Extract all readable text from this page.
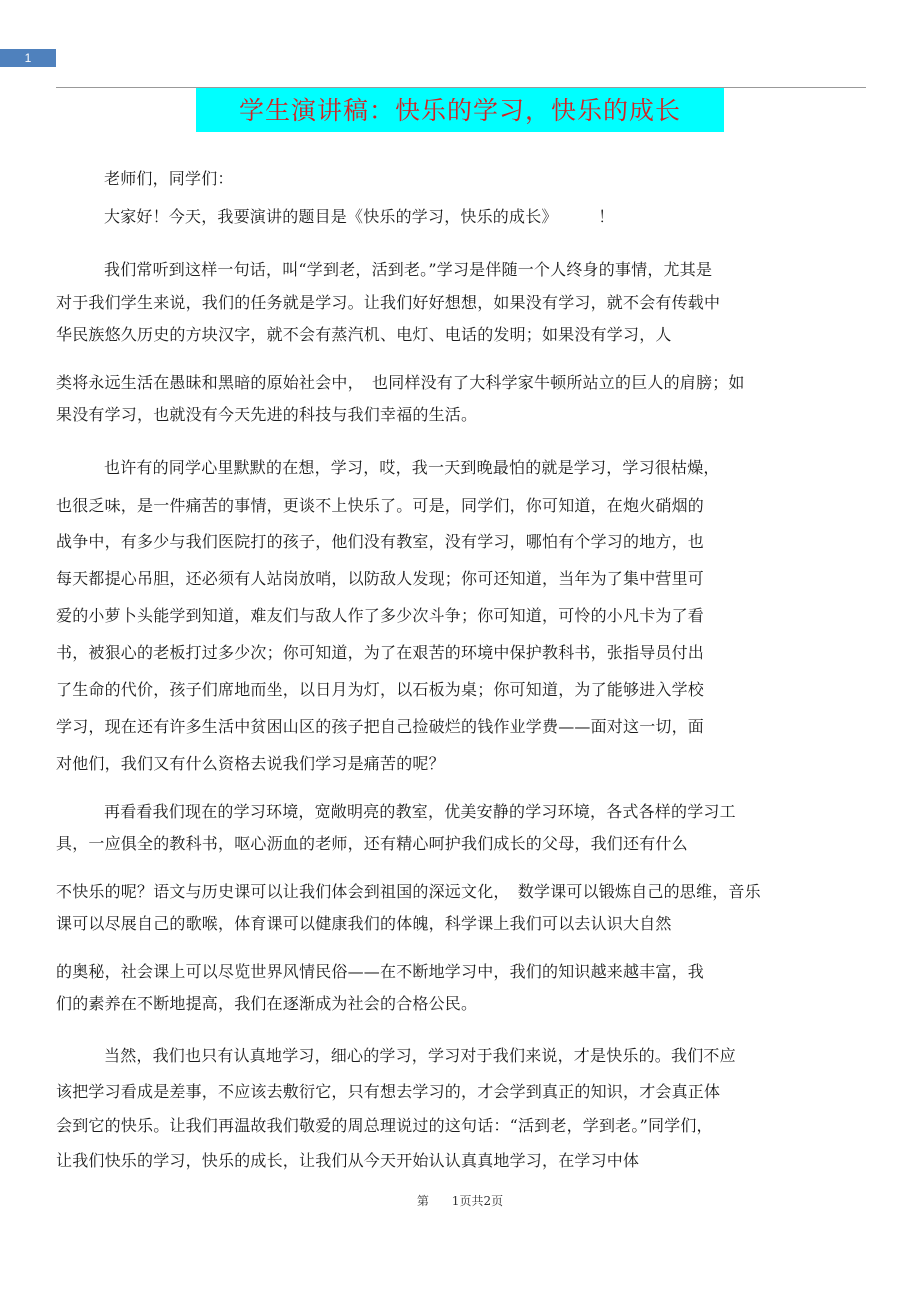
1
学生演讲稿：快乐的学习，快乐的成长
老师们，同学们：
大家好！今天，我要演讲的题目是《快乐的学习，快乐的成长》　　　！
我们常听到这样一句话，叫“学到老，活到老。”学习是伴随一个人终身的事情，尤其是
对于我们学生来说，我们的任务就是学习。让我们好好想想，如果没有学习，就不会有传载中
华民族悠久历史的方块汉字，就不会有蒸汽机、电灯、电话的发明；如果没有学习，人
类将永远生活在愚昧和黑暗的原始社会中，　也同样没有了大科学家牛顿所站立的巨人的肩膀；如
果没有学习，也就没有今天先进的科技与我们幸福的生活。
也许有的同学心里默默的在想，学习，哎，我一天到晚最怕的就是学习，学习很枯燥，
也很乏味，是一件痛苦的事情，更谈不上快乐了。可是，同学们，你可知道，在炮火硝烟的
战争中，有多少与我们医院打的孩子，他们没有教室，没有学习，哪怕有个学习的地方，也
每天都提心吊胆，还必须有人站岗放哨，以防敌人发现；你可还知道，当年为了集中营里可
爱的小萝卜头能学到知道，难友们与敌人作了多少次斗争；你可知道，可怜的小凡卡为了看
书，被狠心的老板打过多少次；你可知道，为了在艰苦的环境中保护教科书，张指导员付出
了生命的代价，孩子们席地而坐，以日月为灯，以石板为桌；你可知道，为了能够进入学校
学习，现在还有许多生活中贫困山区的孩子把自己捡破烂的钱作业学费——面对这一切，面
对他们，我们又有什么资格去说我们学习是痛苦的呢？
再看看我们现在的学习环境，宽敞明亮的教室，优美安静的学习环境，各式各样的学习工
具，一应俱全的教科书，呕心沥血的老师，还有精心呵护我们成长的父母，我们还有什么
不快乐的呢？语文与历史课可以让我们体会到祖国的深远文化，　数学课可以锻炼自己的思维，音乐
课可以尽展自己的歌喉，体育课可以健康我们的体魄，科学课上我们可以去认识大自然
的奥秘，社会课上可以尽览世界风情民俗——在不断地学习中，我们的知识越来越丰富，我
们的素养在不断地提高，我们在逐渐成为社会的合格公民。
当然，我们也只有认真地学习，细心的学习，学习对于我们来说，才是快乐的。我们不应
该把学习看成是差事，不应该去敷衍它，只有想去学习的，才会学到真正的知识，才会真正体
会到它的快乐。让我们再温故我们敬爱的周总理说过的这句话：“活到老，学到老。”同学们，
让我们快乐的学习，快乐的成长，让我们从今天开始认认真真地学习，在学习中体
第 1页共2页
